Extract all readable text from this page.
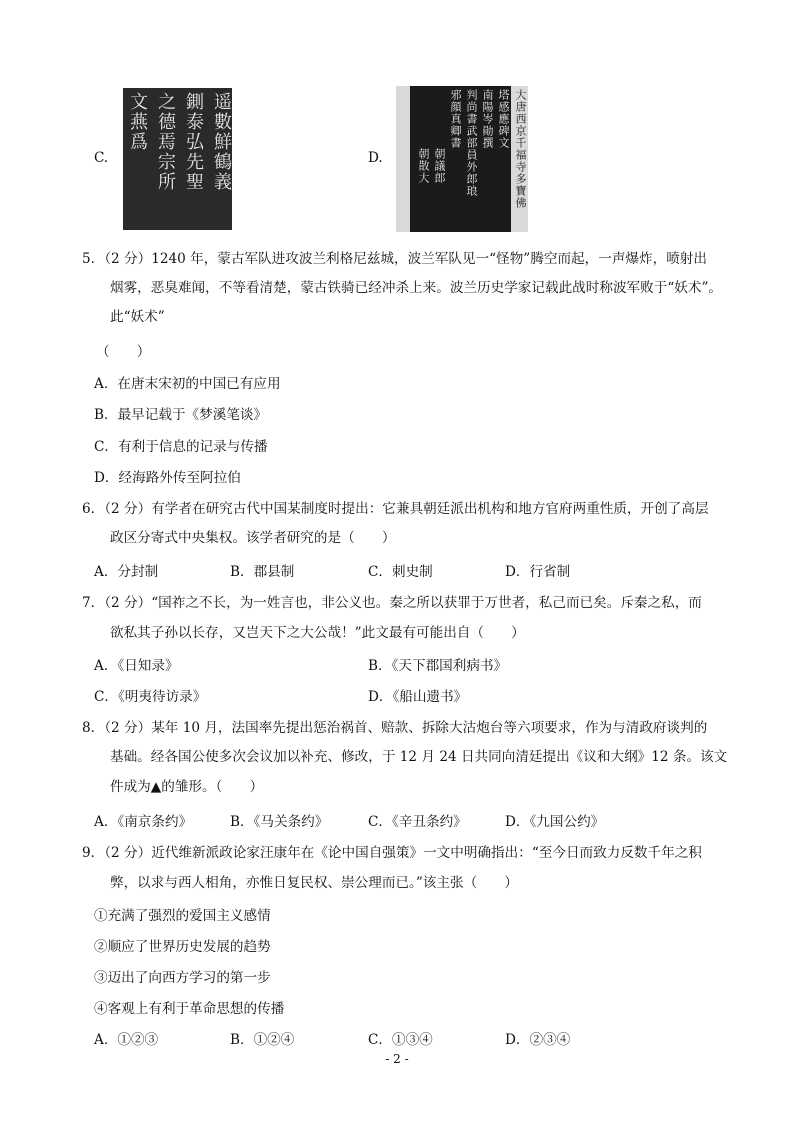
C.	遥數鮮鶴義
鍘泰弘先聖
之德焉宗所
文燕爲
D.	大唐西京千福寺多寶佛
塔感應碑文
南陽岑勛撰
判尚書武部員外郎琅
邪顔真卿書
朝議郎
朝散大
5．（2 分）1240 年，蒙古军队进攻波兰利格尼兹城，波兰军队见一“怪物”腾空而起，一声爆炸，喷射出
烟雾，恶臭难闻，不等看清楚，蒙古铁骑已经冲杀上来。波兰历史学家记载此战时称波军败于“妖术”。
此“妖术”
（　　）
A．在唐末宋初的中国已有应用
B．最早记载于《梦溪笔谈》
C．有利于信息的记录与传播
D．经海路外传至阿拉伯
6．（2 分）有学者在研究古代中国某制度时提出：它兼具朝廷派出机构和地方官府两重性质，开创了高层
政区分寄式中央集权。该学者研究的是（　　）
A．分封制	B．郡县制	C．刺史制	D．行省制
7．（2 分）“国祚之不长，为一姓言也，非公义也。秦之所以获罪于万世者，私己而已矣。斥秦之私，而
欲私其子孙以长存，又岂天下之大公哉！”此文最有可能出自（　　）
A．《日知录》	B．《天下郡国利病书》
C．《明夷待访录》	D．《船山遗书》
8．（2 分）某年 10 月，法国率先提出惩治祸首、赔款、拆除大沽炮台等六项要求，作为与清政府谈判的
基础。经各国公使多次会议加以补充、修改，于 12 月 24 日共同向清廷提出《议和大纲》12 条。该文
件成为▲的雏形。（　　）
A．《南京条约》	B．《马关条约》	C．《辛丑条约》	D．《九国公约》
9．（2 分）近代维新派政论家汪康年在《论中国自强策》一文中明确指出：“至今日而致力反数千年之积
弊，以求与西人相角，亦惟日复民权、崇公理而已。”该主张（　　）
①充满了强烈的爱国主义感情
②顺应了世界历史发展的趋势
③迈出了向西方学习的第一步
④客观上有利于革命思想的传播
A．①②③	B．①②④	C．①③④	D．②③④
- 2 -
